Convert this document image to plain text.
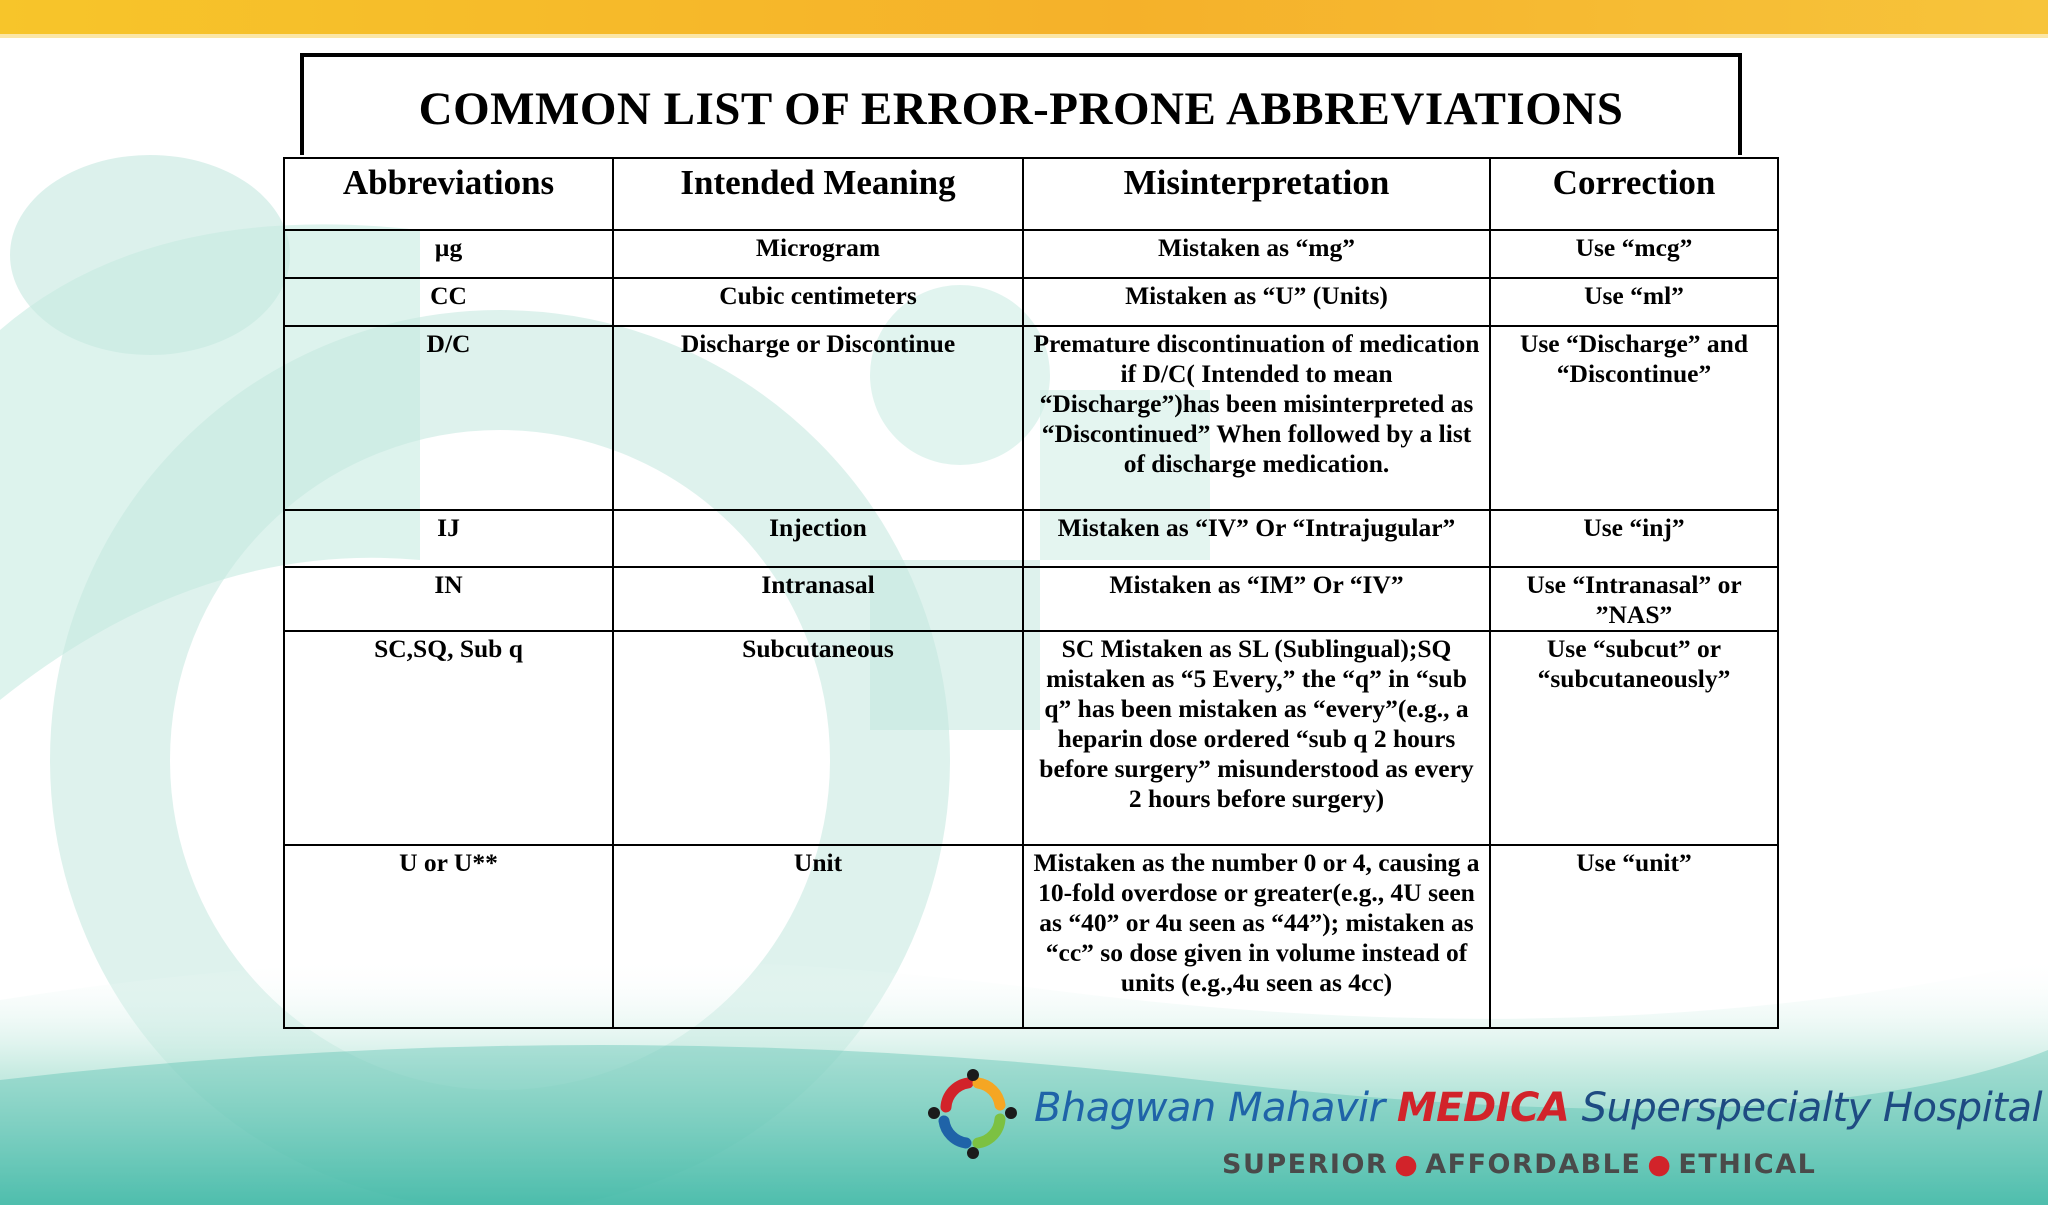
COMMON LIST OF ERROR-PRONE ABBREVIATIONS
Abbreviations	Intended Meaning	Misinterpretation	Correction
µg	Microgram	Mistaken as “mg”	Use “mcg”
CC	Cubic centimeters	Mistaken as “U” (Units)	Use “ml”
D/C	Discharge or Discontinue	Premature discontinuation of medication if D/C( Intended to mean “Discharge”)has been misinterpreted as “Discontinued” When followed by a list of discharge medication.	Use “Discharge” and “Discontinue”
IJ	Injection	Mistaken as “IV” Or “Intrajugular”	Use “inj”
IN	Intranasal	Mistaken as “IM” Or “IV”	Use “Intranasal” or ”NAS”
SC,SQ, Sub q	Subcutaneous	SC Mistaken as SL (Sublingual);SQ mistaken as “5 Every,” the “q” in “sub q” has been mistaken as “every”(e.g., a heparin dose ordered “sub q 2 hours before surgery” misunderstood as every 2 hours before surgery)	Use “subcut” or “subcutaneously”
U or U**	Unit	Mistaken as the number 0 or 4, causing a 10-fold overdose or greater(e.g., 4U seen as “40” or 4u seen as “44”); mistaken as “cc” so dose given in volume instead of units (e.g.,4u seen as 4cc)	Use “unit”
Bhagwan Mahavir MEDICA Superspecialty Hospital
SUPERIOR ● AFFORDABLE ● ETHICAL
